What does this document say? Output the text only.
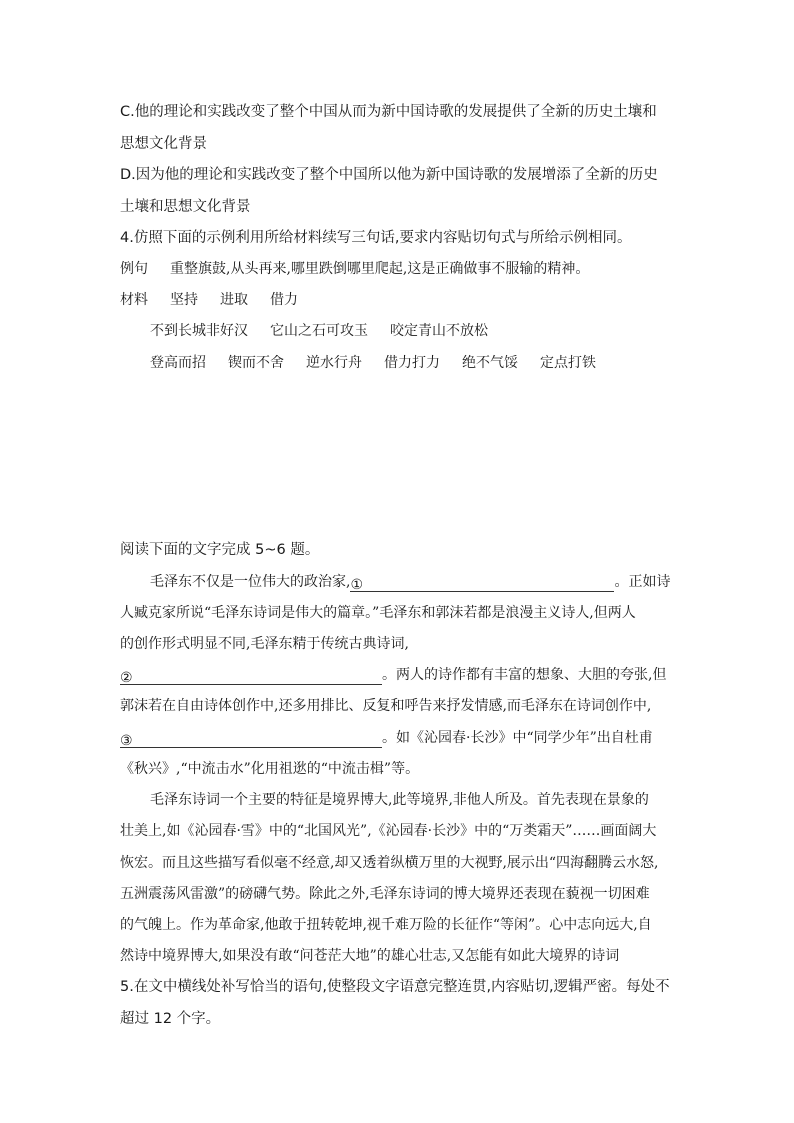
C.他的理论和实践改变了整个中国从而为新中国诗歌的发展提供了全新的历史土壤和
思想文化背景
D.因为他的理论和实践改变了整个中国所以他为新中国诗歌的发展增添了全新的历史
土壤和思想文化背景
4.仿照下面的示例利用所给材料续写三句话,要求内容贴切句式与所给示例相同。
例句 重整旗鼓,从头再来,哪里跌倒哪里爬起,这是正确做事不服输的精神。
材料 坚持 进取 借力
不到长城非好汉 它山之石可攻玉 咬定青山不放松
登高而招 锲而不舍 逆水行舟 借力打力 绝不气馁 定点打铁
阅读下面的文字完成 5~6 题。
毛泽东不仅是一位伟大的政治家,①	。正如诗
人臧克家所说“毛泽东诗词是伟大的篇章。”毛泽东和郭沫若都是浪漫主义诗人,但两人
的创作形式明显不同,毛泽东精于传统古典诗词,
②	。两人的诗作都有丰富的想象、大胆的夸张,但
郭沫若在自由诗体创作中,还多用排比、反复和呼告来抒发情感,而毛泽东在诗词创作中,
③	。如《沁园春·长沙》中“同学少年”出自杜甫
《秋兴》,“中流击水”化用祖逖的“中流击楫”等。
毛泽东诗词一个主要的特征是境界博大,此等境界,非他人所及。首先表现在景象的
壮美上,如《沁园春·雪》中的“北国风光”,《沁园春·长沙》中的“万类霜天”……画面阔大
恢宏。而且这些描写看似毫不经意,却又透着纵横万里的大视野,展示出“四海翻腾云水怒,
五洲震荡风雷激”的磅礴气势。除此之外,毛泽东诗词的博大境界还表现在藐视一切困难
的气魄上。作为革命家,他敢于扭转乾坤,视千难万险的长征作“等闲”。心中志向远大,自
然诗中境界博大,如果没有敢“问苍茫大地”的雄心壮志,又怎能有如此大境界的诗词
5.在文中横线处补写恰当的语句,使整段文字语意完整连贯,内容贴切,逻辑严密。每处不
超过 12 个字。
